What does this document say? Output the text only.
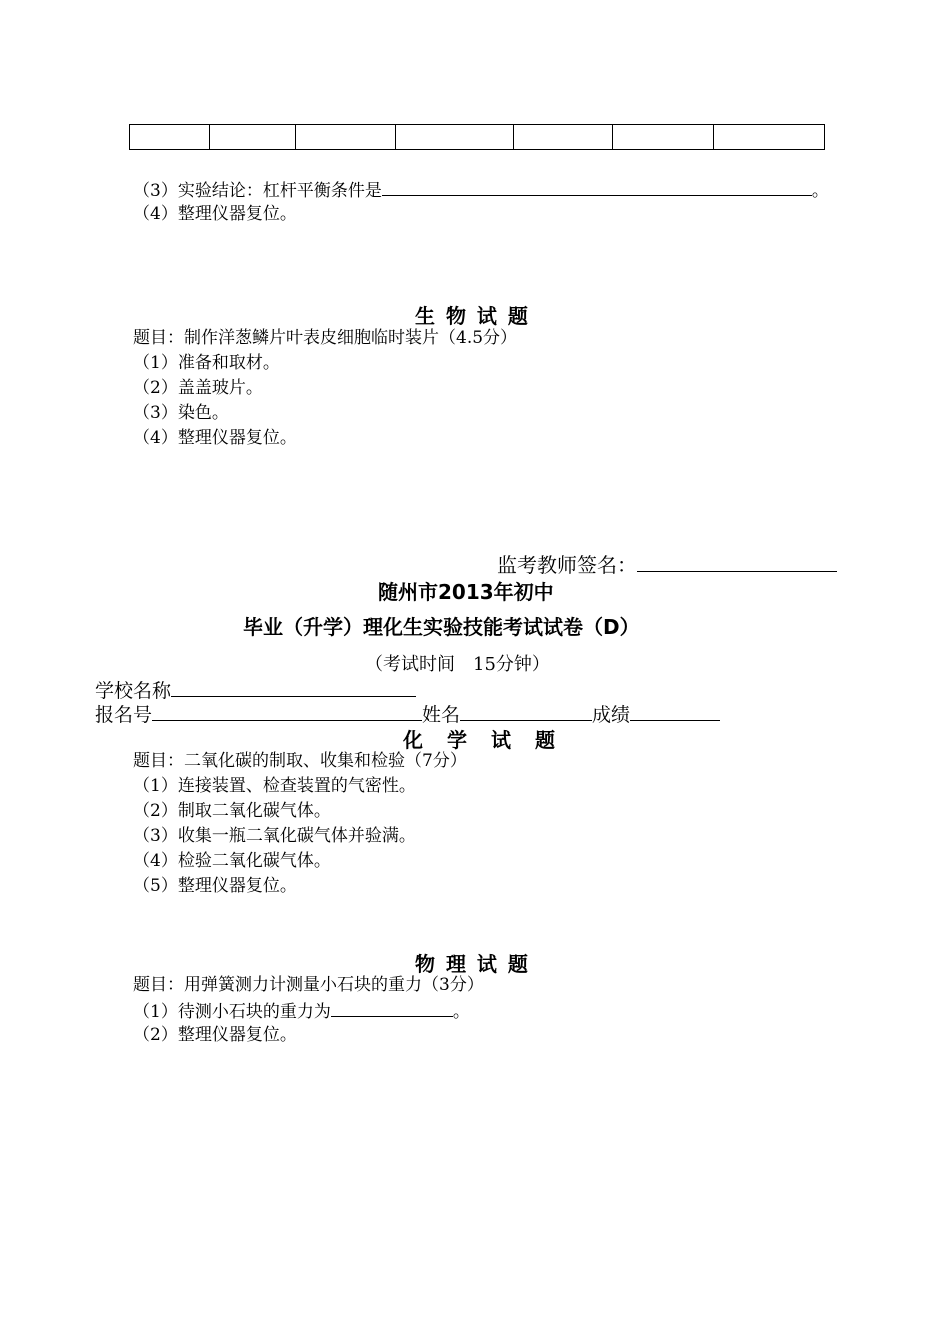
（3）实验结论：杠杆平衡条件是	。
（4）整理仪器复位。
生 物 试 题
题目：制作洋葱鳞片叶表皮细胞临时装片（4.5分）
（1）准备和取材。
（2）盖盖玻片。
（3）染色。
（4）整理仪器复位。
监考教师签名：
随州市2013年初中
毕业（升学）理化生实验技能考试试卷（D）
（考试时间　15分钟）
学校名称
报名号	姓名	成绩
化　学　试　题
题目：二氧化碳的制取、收集和检验（7分）
（1）连接装置、检查装置的气密性。
（2）制取二氧化碳气体。
（3）收集一瓶二氧化碳气体并验满。
（4）检验二氧化碳气体。
（5）整理仪器复位。
物 理 试 题
题目：用弹簧测力计测量小石块的重力（3分）
（1）待测小石块的重力为	。
（2）整理仪器复位。
